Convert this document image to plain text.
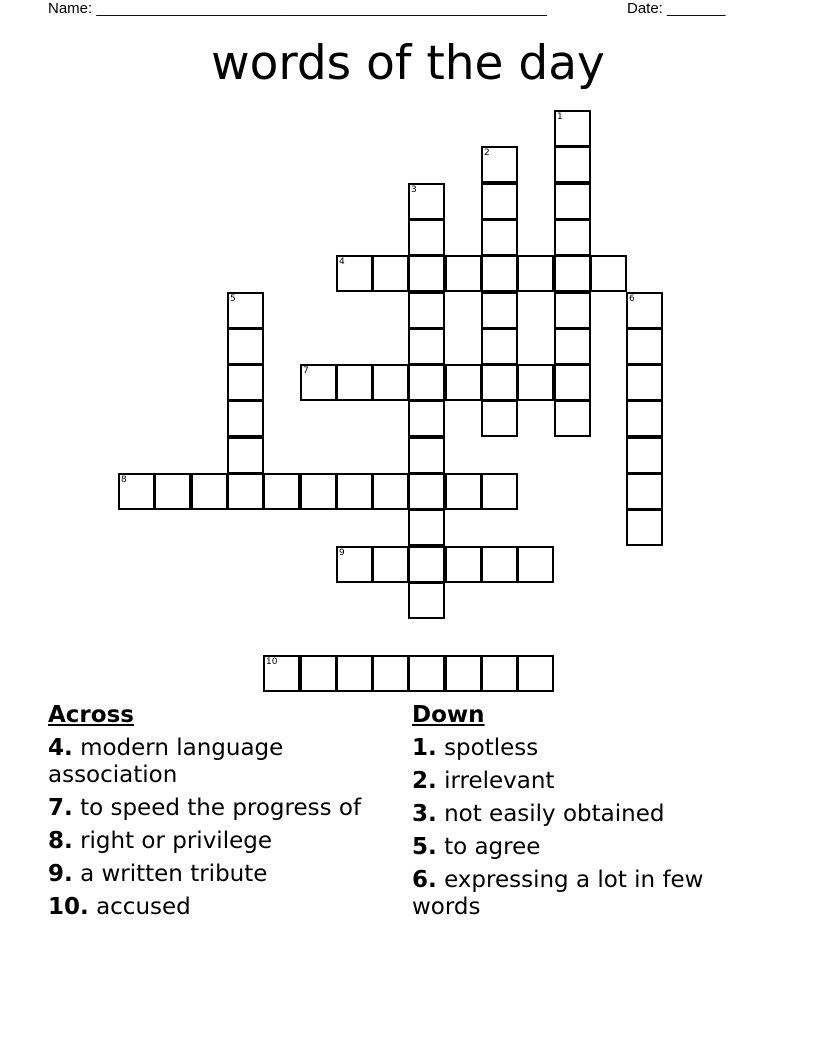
Name: ______________________________________________________	Date: _______
words of the day
1
2
3
4
5	6
7
8
9
10
Across
4. modern language association
7. to speed the progress of
8. right or privilege
9. a written tribute
10. accused
Down
1. spotless
2. irrelevant
3. not easily obtained
5. to agree
6. expressing a lot in few words
